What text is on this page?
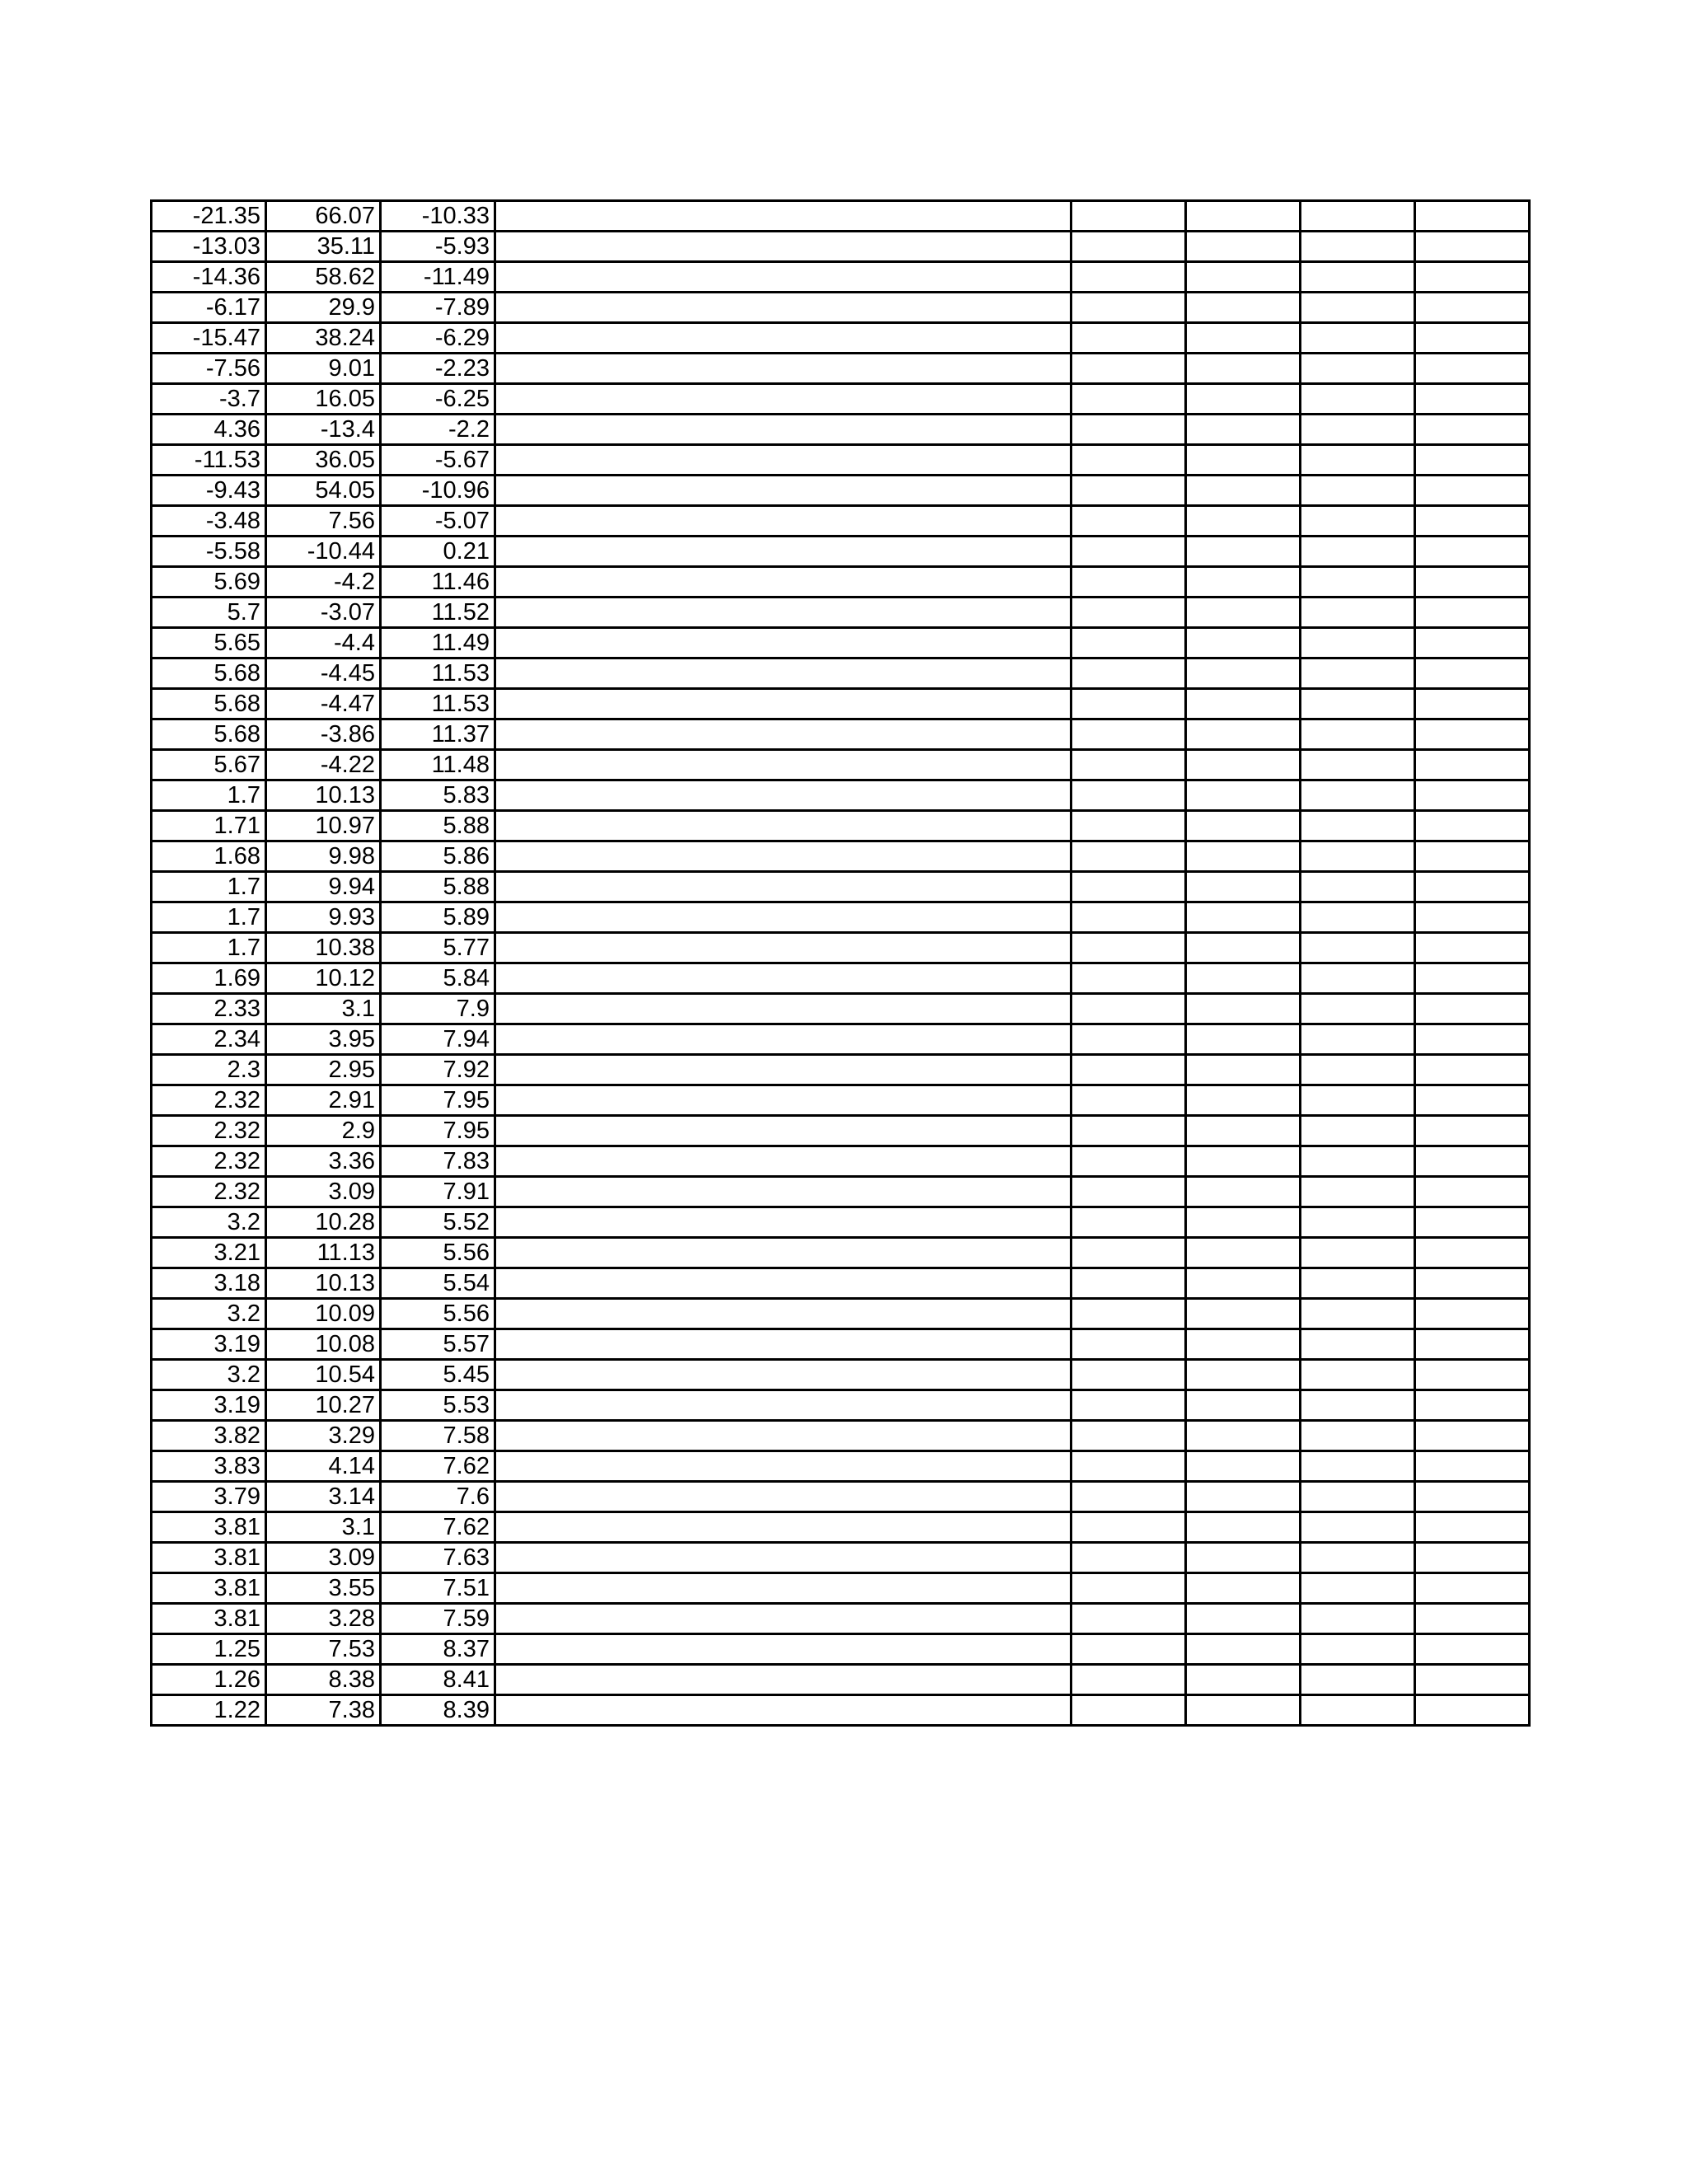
-21.35	66.07	-10.33					
-13.03	35.11	-5.93					
-14.36	58.62	-11.49					
-6.17	29.9	-7.89					
-15.47	38.24	-6.29					
-7.56	9.01	-2.23					
-3.7	16.05	-6.25					
4.36	-13.4	-2.2					
-11.53	36.05	-5.67					
-9.43	54.05	-10.96					
-3.48	7.56	-5.07					
-5.58	-10.44	0.21					
5.69	-4.2	11.46					
5.7	-3.07	11.52					
5.65	-4.4	11.49					
5.68	-4.45	11.53					
5.68	-4.47	11.53					
5.68	-3.86	11.37					
5.67	-4.22	11.48					
1.7	10.13	5.83					
1.71	10.97	5.88					
1.68	9.98	5.86					
1.7	9.94	5.88					
1.7	9.93	5.89					
1.7	10.38	5.77					
1.69	10.12	5.84					
2.33	3.1	7.9					
2.34	3.95	7.94					
2.3	2.95	7.92					
2.32	2.91	7.95					
2.32	2.9	7.95					
2.32	3.36	7.83					
2.32	3.09	7.91					
3.2	10.28	5.52					
3.21	11.13	5.56					
3.18	10.13	5.54					
3.2	10.09	5.56					
3.19	10.08	5.57					
3.2	10.54	5.45					
3.19	10.27	5.53					
3.82	3.29	7.58					
3.83	4.14	7.62					
3.79	3.14	7.6					
3.81	3.1	7.62					
3.81	3.09	7.63					
3.81	3.55	7.51					
3.81	3.28	7.59					
1.25	7.53	8.37					
1.26	8.38	8.41					
1.22	7.38	8.39					
